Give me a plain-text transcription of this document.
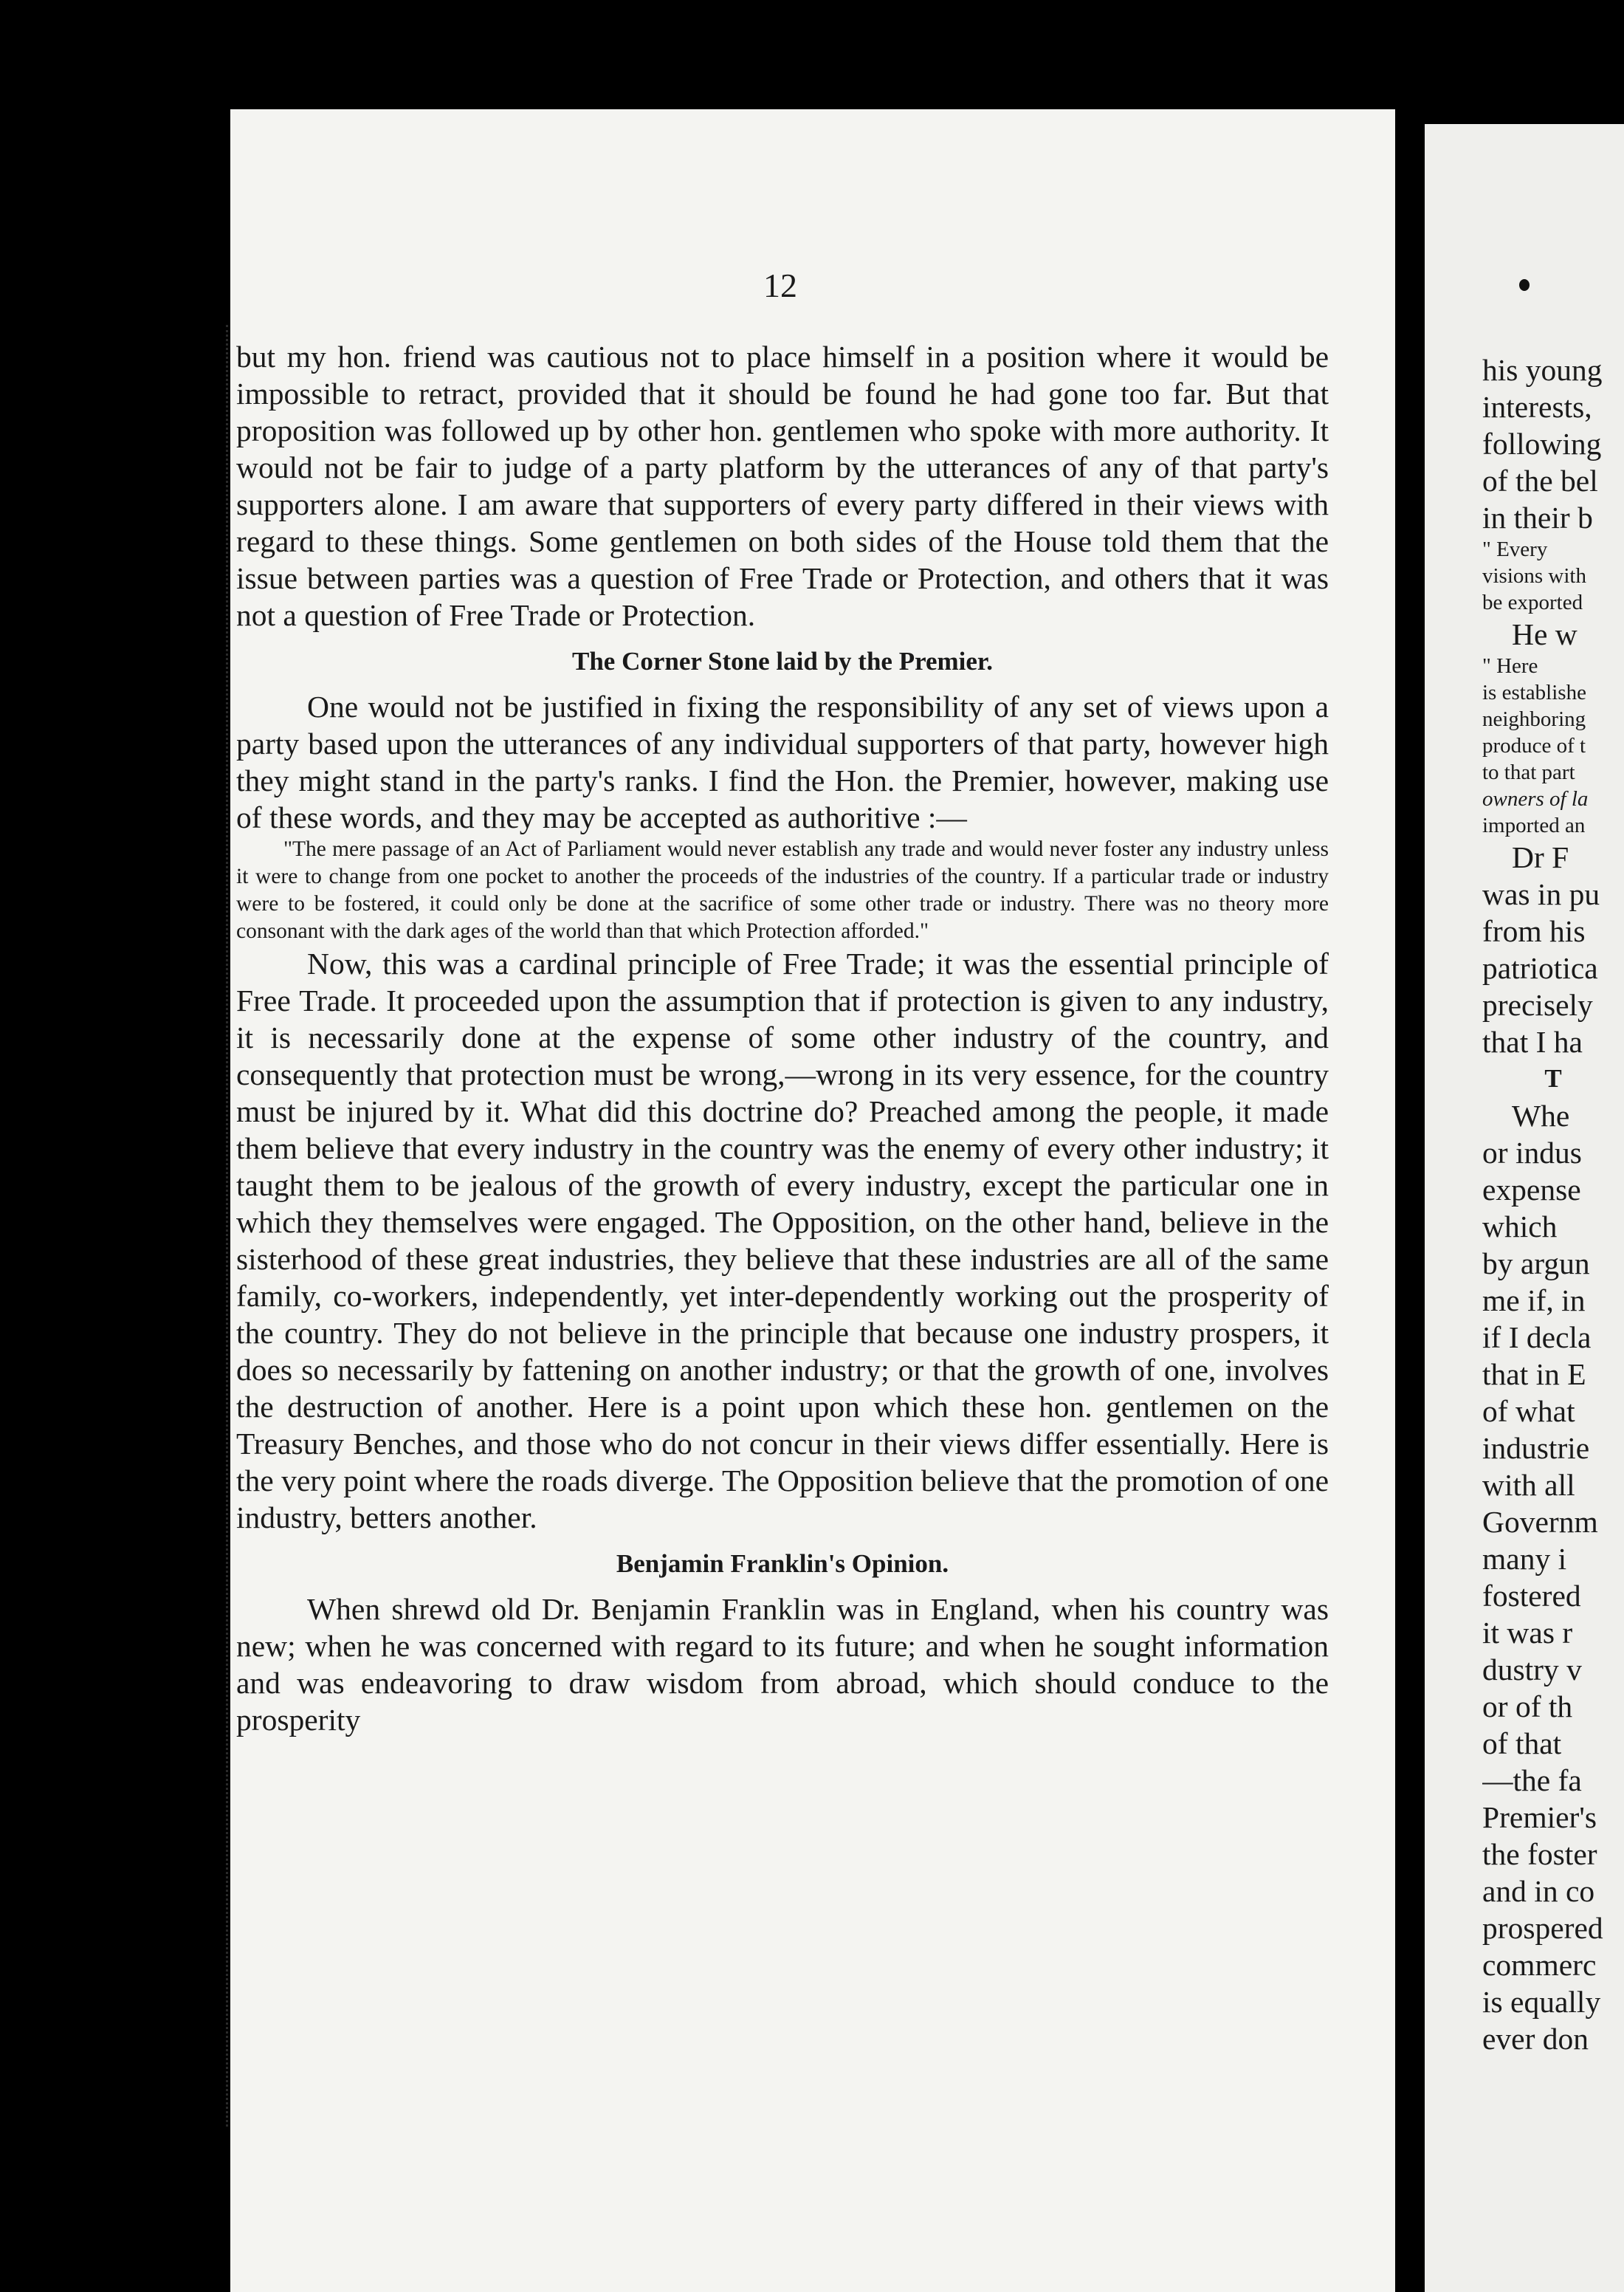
12

but my hon. friend was cautious not to place himself in a position where it would be impossible to retract, provided that it should be found he had gone too far. But that proposition was followed up by other hon. gentlemen who spoke with more authority. It would not be fair to judge of a party platform by the utterances of any of that party's supporters alone. I am aware that supporters of every party differed in their views with regard to these things. Some gentlemen on both sides of the House told them that the issue between parties was a question of Free Trade or Protection, and others that it was not a question of Free Trade or Protection.

The Corner Stone laid by the Premier.

One would not be justified in fixing the responsibility of any set of views upon a party based upon the utterances of any individual supporters of that party, however high they might stand in the party's ranks. I find the Hon. the Premier, however, making use of these words, and they may be accepted as authoritive :—

"The mere passage of an Act of Parliament would never establish any trade and would never foster any industry unless it were to change from one pocket to another the proceeds of the industries of the country. If a particular trade or industry were to be fostered, it could only be done at the sacrifice of some other trade or industry. There was no theory more consonant with the dark ages of the world than that which Protection afforded."

Now, this was a cardinal principle of Free Trade; it was the essential principle of Free Trade. It proceeded upon the assumption that if protection is given to any industry, it is necessarily done at the expense of some other industry of the country, and consequently that protection must be wrong,—wrong in its very essence, for the country must be injured by it. What did this doctrine do? Preached among the people, it made them believe that every industry in the country was the enemy of every other industry; it taught them to be jealous of the growth of every industry, except the particular one in which they themselves were engaged. The Opposition, on the other hand, believe in the sisterhood of these great industries, they believe that these industries are all of the same family, co-workers, independently, yet inter-dependently working out the prosperity of the country. They do not believe in the principle that because one industry prospers, it does so necessarily by fattening on another industry; or that the growth of one, involves the destruction of another. Here is a point upon which these hon. gentlemen on the Treasury Benches, and those who do not concur in their views differ essentially. Here is the very point where the roads diverge. The Opposition believe that the promotion of one industry, betters another.

Benjamin Franklin's Opinion.

When shrewd old Dr. Benjamin Franklin was in England, when his country was new; when he was concerned with regard to its future; and when he sought information and was endeavoring to draw wisdom from abroad, which should conduce to the prosperity

his young
interests,
following
of the bel
in their b
" Every
visions with
be exported
He w
" Here
is establishe
neighboring
produce of t
to that part
owners of la
imported an
Dr F
was in pu
from his
patrioticа
precisely
that I ha
T
Whe
or indus
expense
which
by argun
me if, in
if I decla
that in E
of what
industrie
with all
Governm
many i
fostered
it was r
dustry v
or of th
of that
—the fa
Premier's
the foster
and in co
prospered
commerc
is equally
ever don
